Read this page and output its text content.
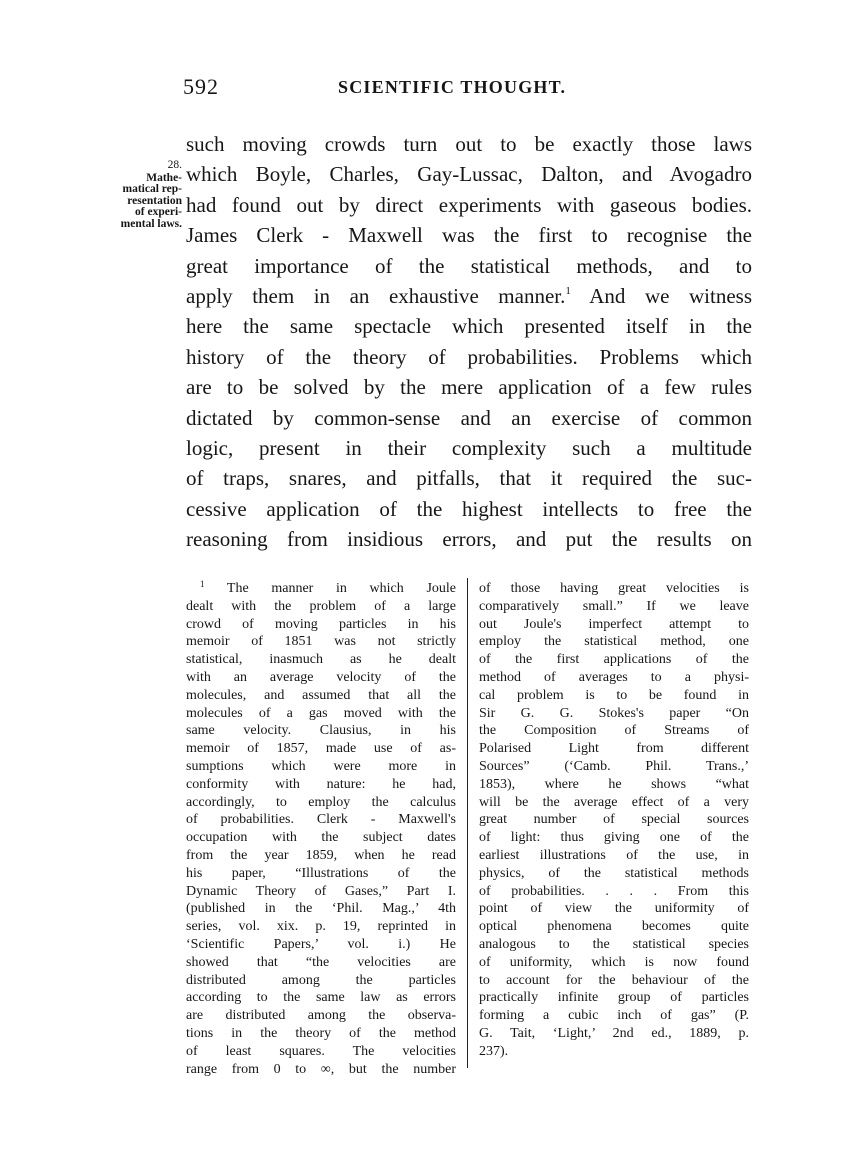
592	SCIENTIFIC THOUGHT.
28.
Mathe-
matical rep-
resentation
of experi-
mental laws.
such moving crowds turn out to be exactly those laws
which Boyle, Charles, Gay-Lussac, Dalton, and Avogadro
had found out by direct experiments with gaseous bodies.
James Clerk - Maxwell was the first to recognise the
great importance of the statistical methods, and to
apply them in an exhaustive manner.$^1$ And we witness
here the same spectacle which presented itself in the
history of the theory of probabilities. Problems which
are to be solved by the mere application of a few rules
dictated by common-sense and an exercise of common
logic, present in their complexity such a multitude
of traps, snares, and pitfalls, that it required the suc-
cessive application of the highest intellects to free the
reasoning from insidious errors, and put the results on
$^1$ The manner in which Joule
dealt with the problem of a large
crowd of moving particles in his
memoir of 1851 was not strictly
statistical, inasmuch as he dealt
with an average velocity of the
molecules, and assumed that all the
molecules of a gas moved with the
same velocity. Clausius, in his
memoir of 1857, made use of as-
sumptions which were more in
conformity with nature: he had,
accordingly, to employ the calculus
of probabilities. Clerk - Maxwell's
occupation with the subject dates
from the year 1859, when he read
his paper, “Illustrations of the
Dynamic Theory of Gases,” Part I.
(published in the ‘Phil. Mag.,’ 4th
series, vol. xix. p. 19, reprinted in
‘Scientific Papers,’ vol. i.) He
showed that “the velocities are
distributed among the particles
according to the same law as errors
are distributed among the observa-
tions in the theory of the method
of least squares. The velocities
range from 0 to ∞, but the number
of those having great velocities is
comparatively small.” If we leave
out Joule's imperfect attempt to
employ the statistical method, one
of the first applications of the
method of averages to a physi-
cal problem is to be found in
Sir G. G. Stokes's paper “On
the Composition of Streams of
Polarised Light from different
Sources” (‘Camb. Phil. Trans.,’
1853), where he shows “what
will be the average effect of a very
great number of special sources
of light: thus giving one of the
earliest illustrations of the use, in
physics, of the statistical methods
of probabilities. . . . From this
point of view the uniformity of
optical phenomena becomes quite
analogous to the statistical species
of uniformity, which is now found
to account for the behaviour of the
practically infinite group of particles
forming a cubic inch of gas” (P.
G. Tait, ‘Light,’ 2nd ed., 1889, p.
237).
